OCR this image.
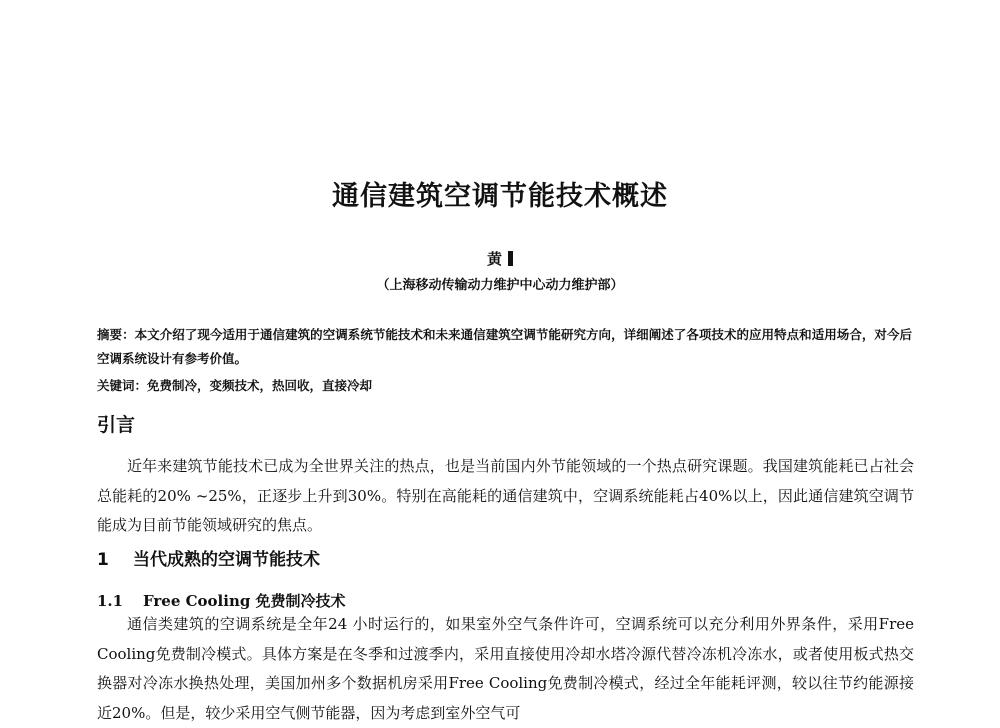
通信建筑空调节能技术概述
黄
（上海移动传输动力维护中心动力维护部）
摘要：本文介绍了现今适用于通信建筑的空调系统节能技术和未来通信建筑空调节能研究方向，详细阐述了各项技术的应用特点和适用场合，对今后空调系统设计有参考价值。
关键词：免费制冷，变频技术，热回收，直接冷却
引言
近年来建筑节能技术已成为全世界关注的热点，也是当前国内外节能领域的一个热点研究课题。我国建筑能耗已占社会总能耗的20% ~25%，正逐步上升到30%。特别在高能耗的通信建筑中，空调系统能耗占40%以上，因此通信建筑空调节能成为目前节能领域研究的焦点。
1 当代成熟的空调节能技术
1.1 Free Cooling 免费制冷技术
通信类建筑的空调系统是全年24 小时运行的，如果室外空气条件许可，空调系统可以充分利用外界条件，采用Free Cooling免费制冷模式。具体方案是在冬季和过渡季内，采用直接使用冷却水塔冷源代替冷冻机冷冻水，或者使用板式热交换器对冷冻水换热处理，美国加州多个数据机房采用Free Cooling免费制冷模式，经过全年能耗评测，较以往节约能源接近20%。但是，较少采用空气侧节能器，因为考虑到室外空气可
